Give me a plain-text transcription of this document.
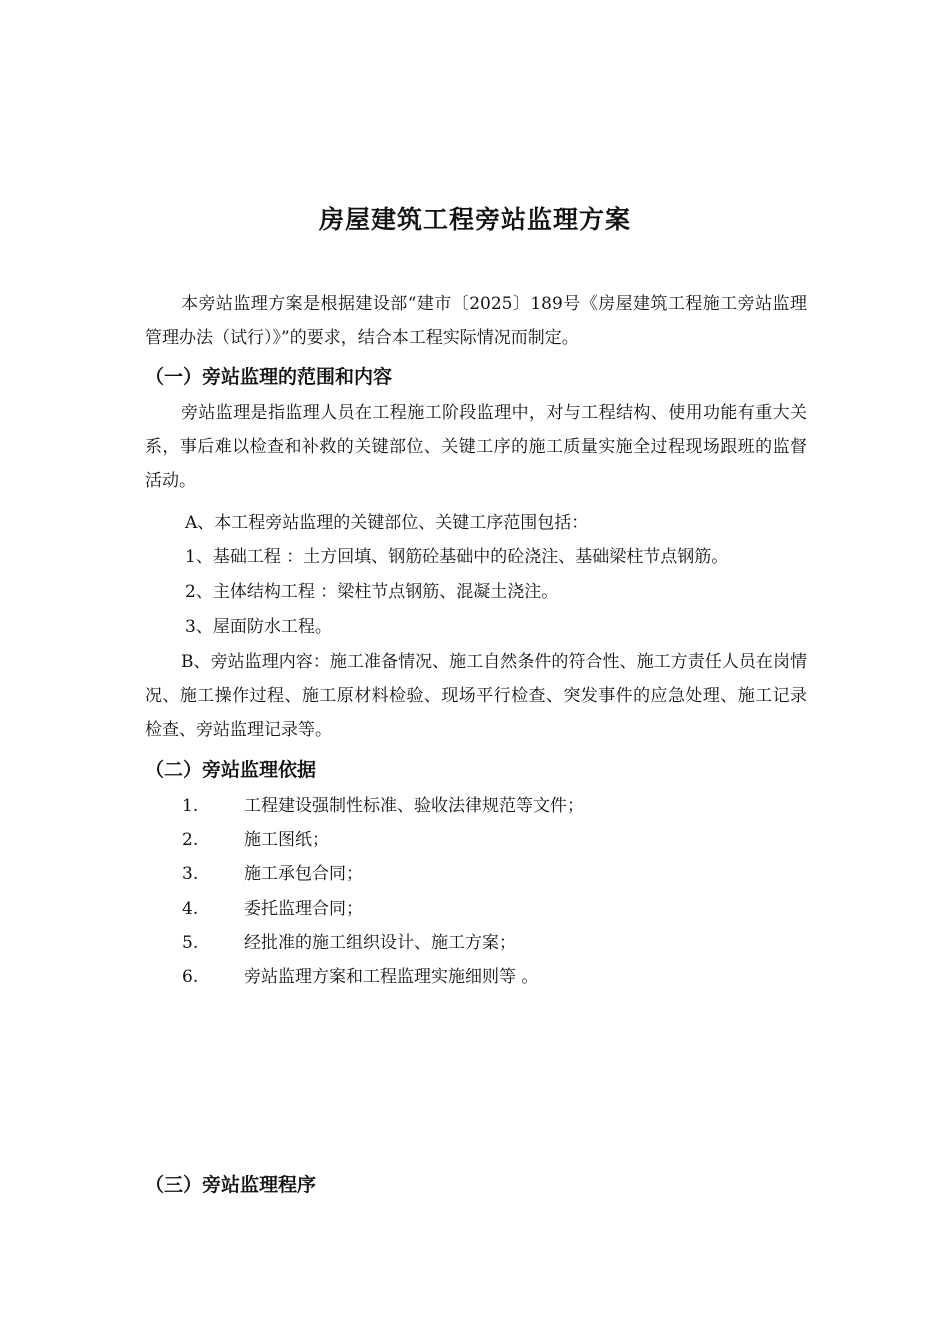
房屋建筑工程旁站监理方案

本旁站监理方案是根据建设部“建市〔2025〕189号《房屋建筑工程施工旁站监理管理办法（试行）》”的要求，结合本工程实际情况而制定。

（一）旁站监理的范围和内容

旁站监理是指监理人员在工程施工阶段监理中，对与工程结构、使用功能有重大关系，事后难以检查和补救的关键部位、关键工序的施工质量实施全过程现场跟班的监督活动。

A、本工程旁站监理的关键部位、关键工序范围包括：

1、基础工程 ：土方回填、钢筋砼基础中的砼浇注、基础梁柱节点钢筋。

2、主体结构工程 ：梁柱节点钢筋、混凝土浇注。

3、屋面防水工程。

B、旁站监理内容：施工准备情况、施工自然条件的符合性、施工方责任人员在岗情况、施工操作过程、施工原材料检验、现场平行检查、突发事件的应急处理、施工记录检查、旁站监理记录等。

（二）旁站监理依据

1.	工程建设强制性标准、验收法律规范等文件；

2.	施工图纸；

3.	施工承包合同；

4.	委托监理合同；

5.	经批准的施工组织设计、施工方案；

6.	旁站监理方案和工程监理实施细则等 。

（三）旁站监理程序
